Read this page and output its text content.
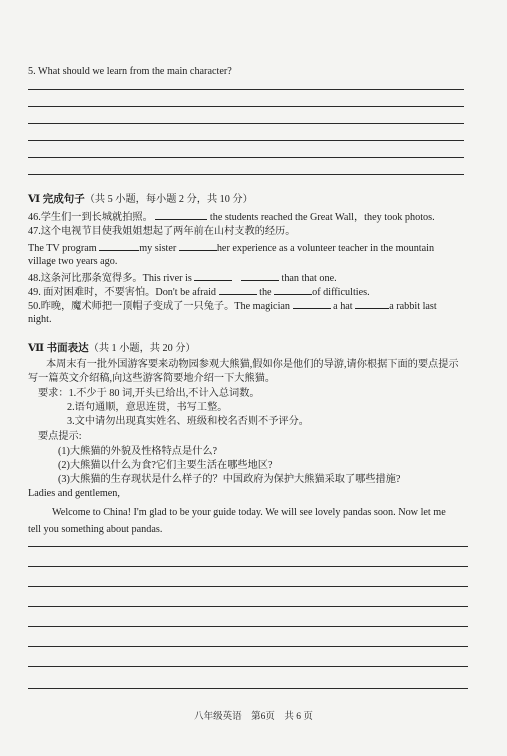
5. What should we learn from the main character?
Ⅵ 完成句子（共 5 小题，每小题 2 分，共 10 分）
46.学生们一到长城就拍照。	the students reached the Great Wall，they took photos.
47.这个电视节目使我姐姐想起了两年前在山村支教的经历。
The TV program	my sister	her experience as a volunteer teacher in the mountain
village two years ago.
48.这条河比那条宽得多。This river is	than that one.
49. 面对困难时，不要害怕。Don't be afraid	the	of difficulties.
50.昨晚，魔术师把一顶帽子变成了一只兔子。The magician	a hat	a rabbit last
night.
Ⅶ 书面表达（共 1 小题，共 20 分）
本周末有一批外国游客要来动物园参观大熊猫,假如你是他们的导游,请你根据下面的要点提示
写一篇英文介绍稿,向这些游客简要地介绍一下大熊猫。
要求：1.不少于 80 词,开头已给出,不计入总词数。
2.语句通顺，意思连贯，书写工整。
3.文中请勿出现真实姓名、班级和校名否则不予评分。
要点提示:
(1)大熊猫的外貌及性格特点是什么?
(2)大熊猫以什么为食?它们主要生活在哪些地区?
(3)大熊猫的生存现状是什么样子的？中国政府为保护大熊猫采取了哪些措施?
Ladies and gentlemen,
Welcome to China! I'm glad to be your guide today. We will see lovely pandas soon. Now let me
tell you something about pandas.
八年级英语　第6页　共 6 页
